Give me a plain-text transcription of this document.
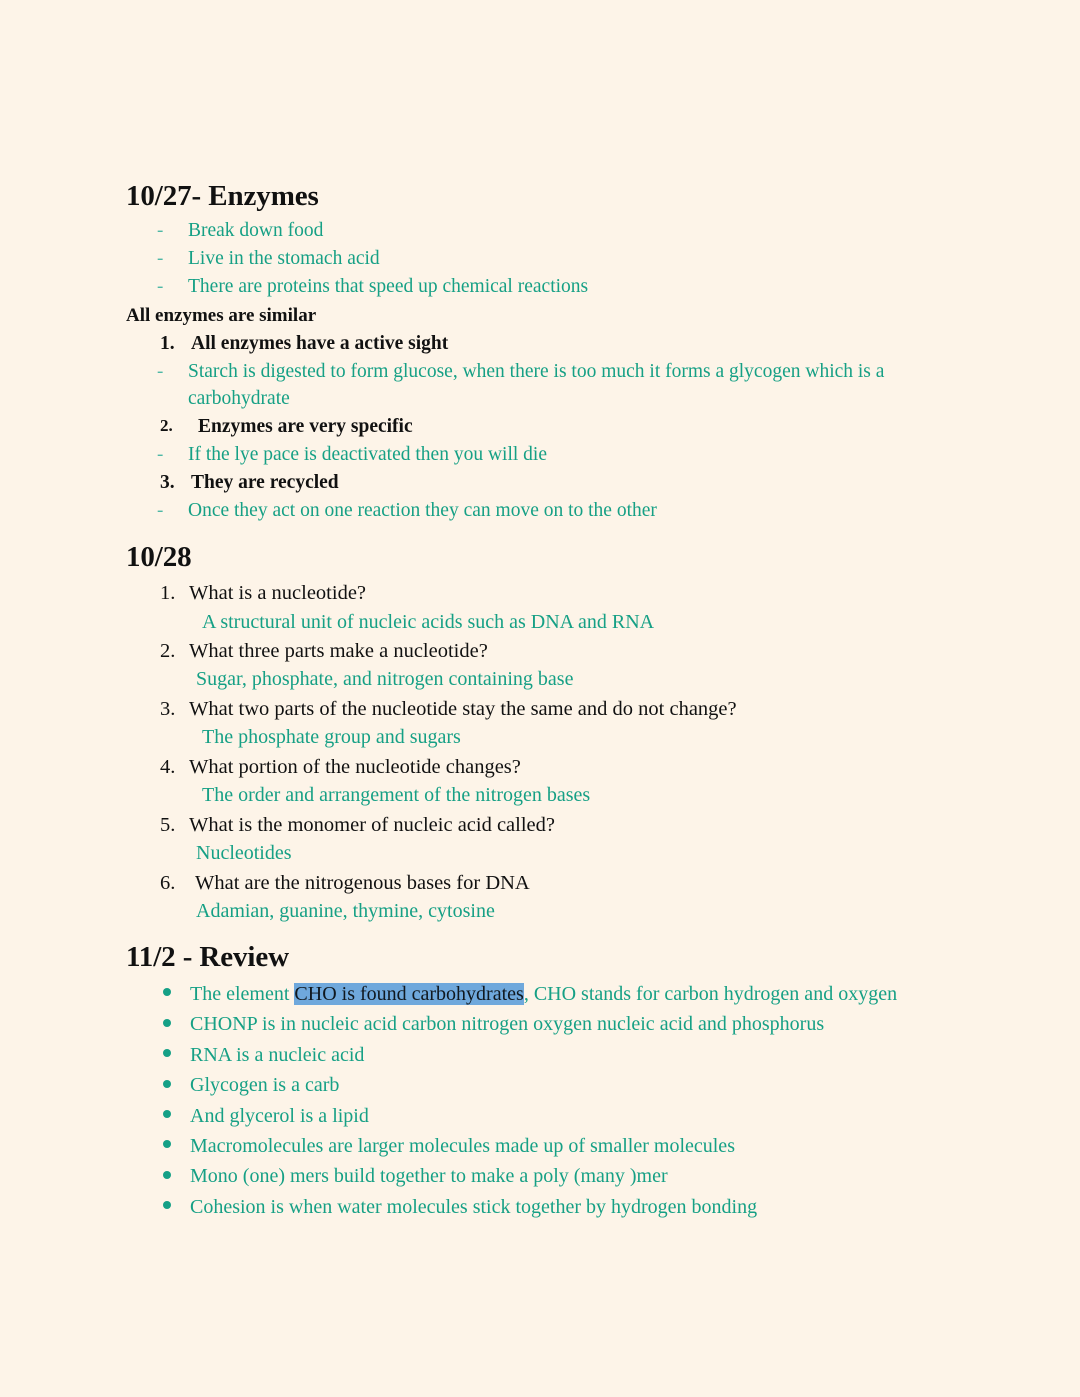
10/27- Enzymes
-	Break down food
-	Live in the stomach acid
-	There are proteins that speed up chemical reactions
All enzymes are similar
1. All enzymes have a active sight
-	Starch is digested to form glucose, when there is too much it forms a glycogen which is a carbohydrate
2.	Enzymes are very specific
-	If the lye pace is deactivated then you will die
3. They are recycled
-	Once they act on one reaction they can move on to the other
10/28
1. What is a nucleotide?
A structural unit of nucleic acids such as DNA and RNA
2. What three parts make a nucleotide?
Sugar, phosphate, and nitrogen containing base
3. What two parts of the nucleotide stay the same and do not change?
The phosphate group and sugars
4. What portion of the nucleotide changes?
The order and arrangement of the nitrogen bases
5. What is the monomer of nucleic acid called?
Nucleotides
6. What are the nitrogenous bases for DNA
Adamian, guanine, thymine, cytosine
11/2 - Review
The element CHO is found carbohydrates, CHO stands for carbon hydrogen and oxygen
CHONP is in nucleic acid carbon nitrogen oxygen nucleic acid and phosphorus
RNA is a nucleic acid
Glycogen is a carb
And glycerol is a lipid
Macromolecules are larger molecules made up of smaller molecules
Mono (one) mers build together to make a poly (many )mer
Cohesion is when water molecules stick together by hydrogen bonding
